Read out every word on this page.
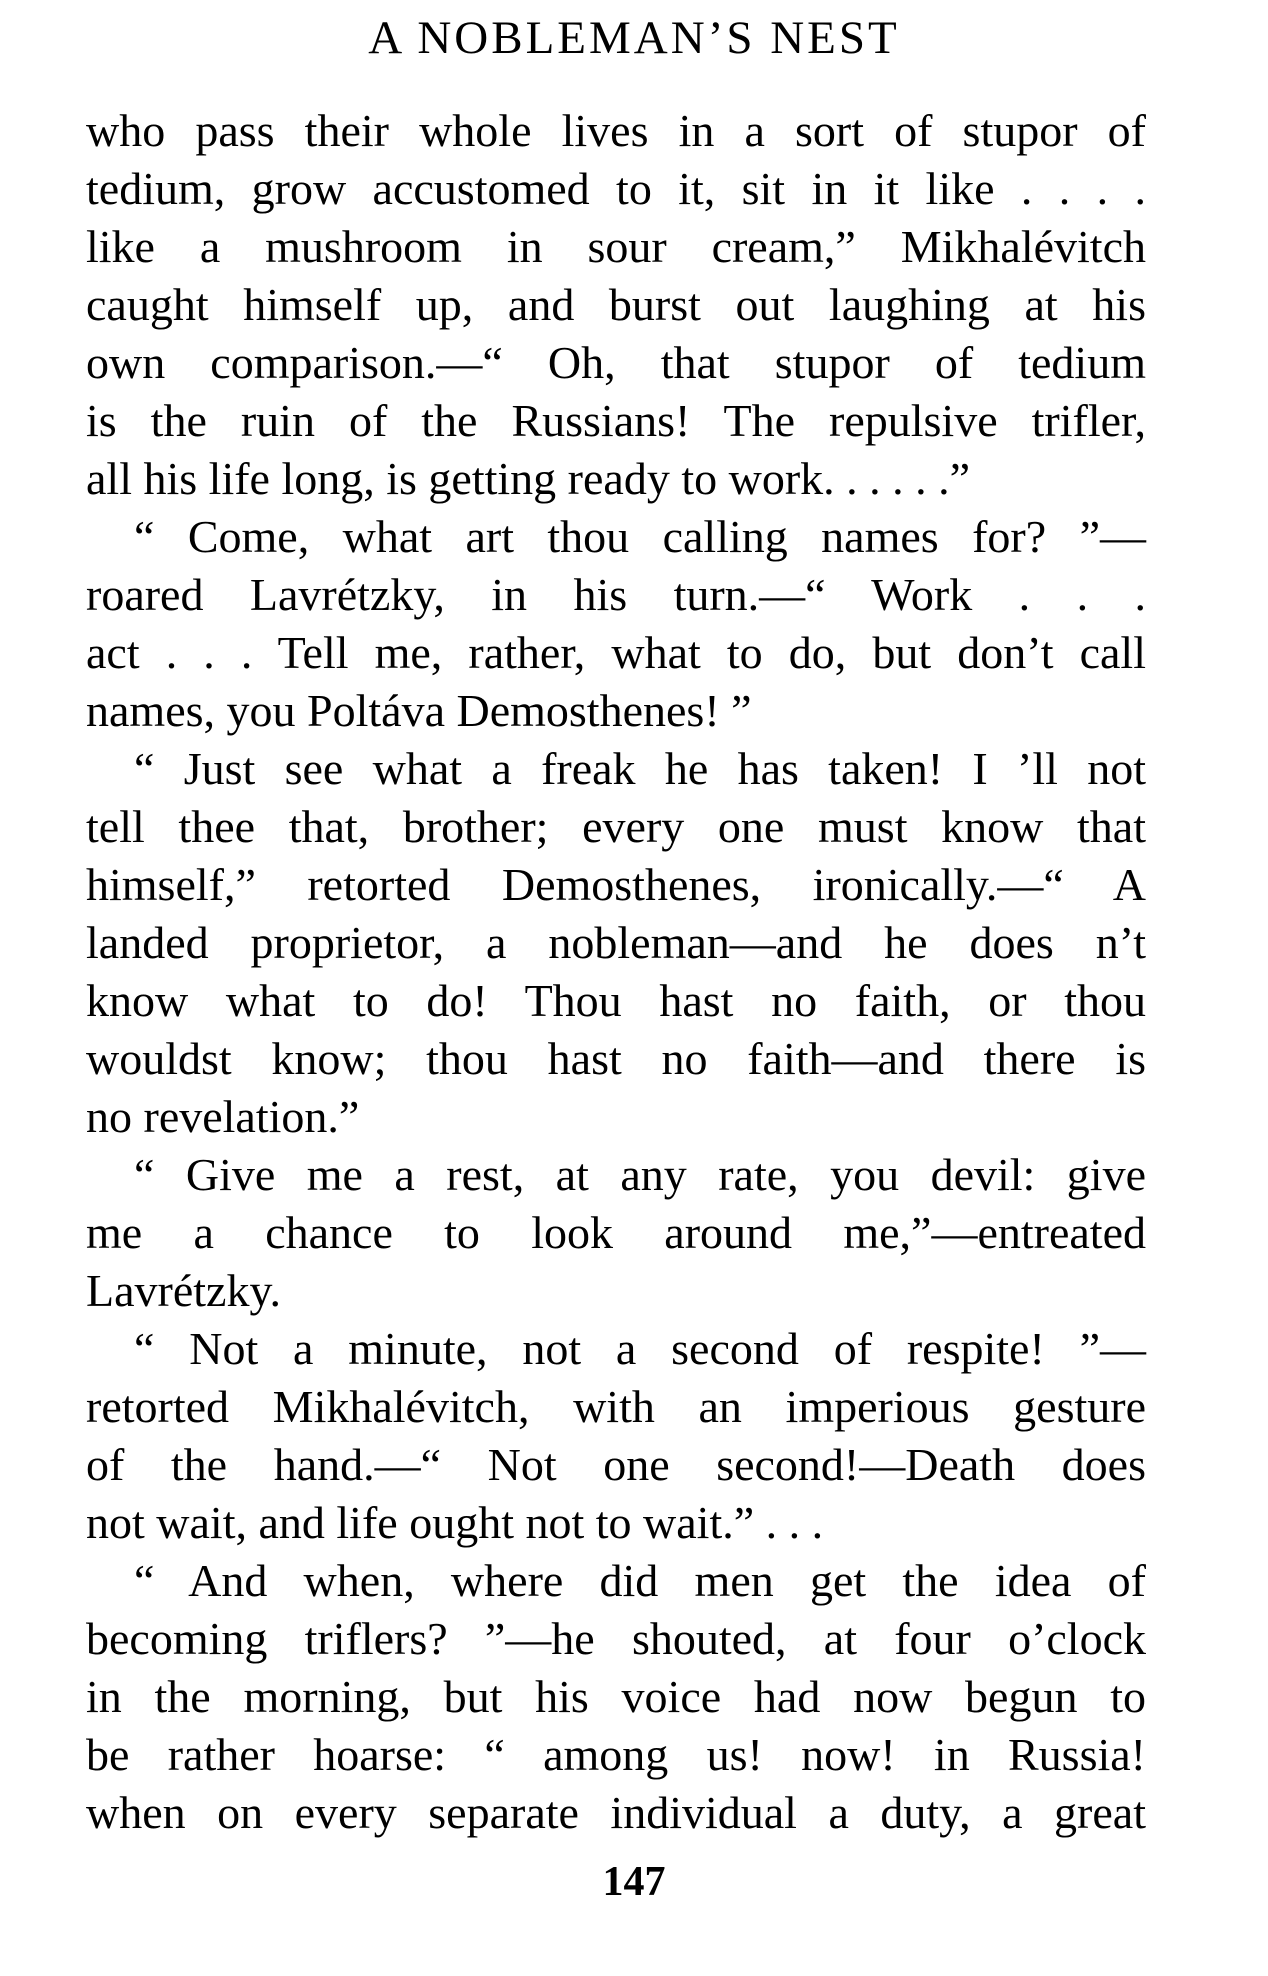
A NOBLEMAN’S NEST
who pass their whole lives in a sort of stupor of
tedium, grow accustomed to it, sit in it like . . . .
like a mushroom in sour cream,” Mikhalévitch
caught himself up, and burst out laughing at his
own comparison.—“ Oh, that stupor of tedium
is the ruin of the Russians! The repulsive trifler,
all his life long, is getting ready to work. . . . . .”
“ Come, what art thou calling names for? ”—
roared Lavrétzky, in his turn.—“ Work . . .
act . . . Tell me, rather, what to do, but don’t call
names, you Poltáva Demosthenes! ”
“ Just see what a freak he has taken! I ’ll not
tell thee that, brother; every one must know that
himself,” retorted Demosthenes, ironically.—“ A
landed proprietor, a nobleman—and he does n’t
know what to do! Thou hast no faith, or thou
wouldst know; thou hast no faith—and there is
no revelation.”
“ Give me a rest, at any rate, you devil: give
me a chance to look around me,”—entreated
Lavrétzky.
“ Not a minute, not a second of respite! ”—
retorted Mikhalévitch, with an imperious gesture
of the hand.—“ Not one second!—Death does
not wait, and life ought not to wait.” . . .
“ And when, where did men get the idea of
becoming triflers? ”—he shouted, at four o’clock
in the morning, but his voice had now begun to
be rather hoarse: “ among us! now! in Russia!
when on every separate individual a duty, a great
147
